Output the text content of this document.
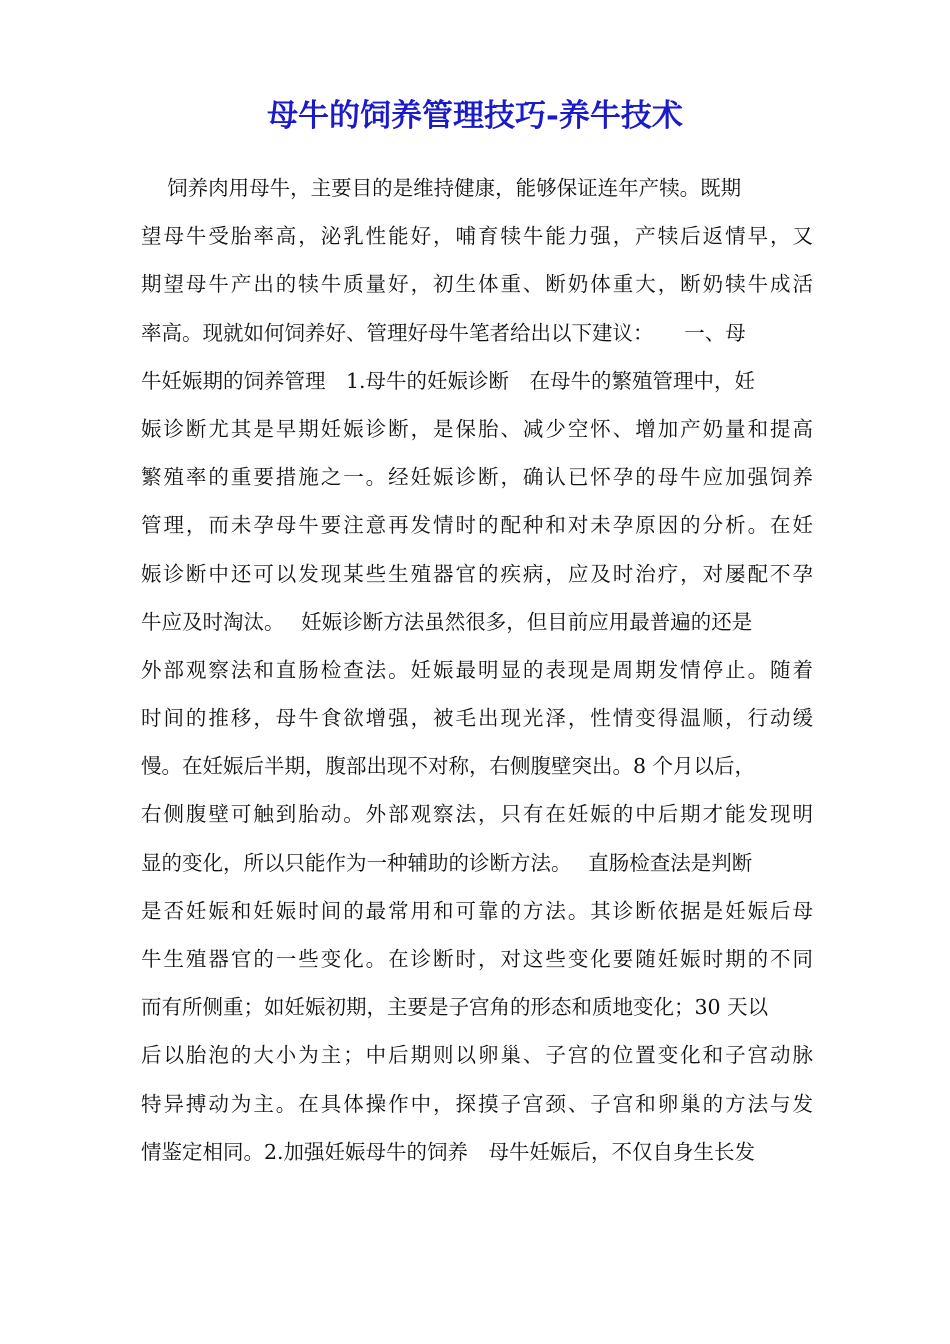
母牛的饲养管理技巧-养牛技术
饲养肉用母牛，主要目的是维持健康，能够保证连年产犊。既期
望母牛受胎率高，泌乳性能好，哺育犊牛能力强，产犊后返情早，又
期望母牛产出的犊牛质量好，初生体重、断奶体重大，断奶犊牛成活
率高。现就如何饲养好、管理好母牛笔者给出以下建议：　　一、母
牛妊娠期的饲养管理　1.母牛的妊娠诊断　在母牛的繁殖管理中，妊
娠诊断尤其是早期妊娠诊断，是保胎、减少空怀、增加产奶量和提高
繁殖率的重要措施之一。经妊娠诊断，确认已怀孕的母牛应加强饲养
管理，而未孕母牛要注意再发情时的配种和对未孕原因的分析。在妊
娠诊断中还可以发现某些生殖器官的疾病，应及时治疗，对屡配不孕
牛应及时淘汰。　 妊娠诊断方法虽然很多，但目前应用最普遍的还是
外部观察法和直肠检查法。妊娠最明显的表现是周期发情停止。随着
时间的推移，母牛食欲增强，被毛出现光泽，性情变得温顺，行动缓
慢。在妊娠后半期，腹部出现不对称，右侧腹壁突出。8 个月以后，
右侧腹壁可触到胎动。外部观察法，只有在妊娠的中后期才能发现明
显的变化，所以只能作为一种辅助的诊断方法。　 直肠检查法是判断
是否妊娠和妊娠时间的最常用和可靠的方法。其诊断依据是妊娠后母
牛生殖器官的一些变化。在诊断时，对这些变化要随妊娠时期的不同
而有所侧重；如妊娠初期，主要是子宫角的形态和质地变化；30 天以
后以胎泡的大小为主；中后期则以卵巢、子宫的位置变化和子宫动脉
特异搏动为主。在具体操作中，探摸子宫颈、子宫和卵巢的方法与发
情鉴定相同。2.加强妊娠母牛的饲养　母牛妊娠后，不仅自身生长发
